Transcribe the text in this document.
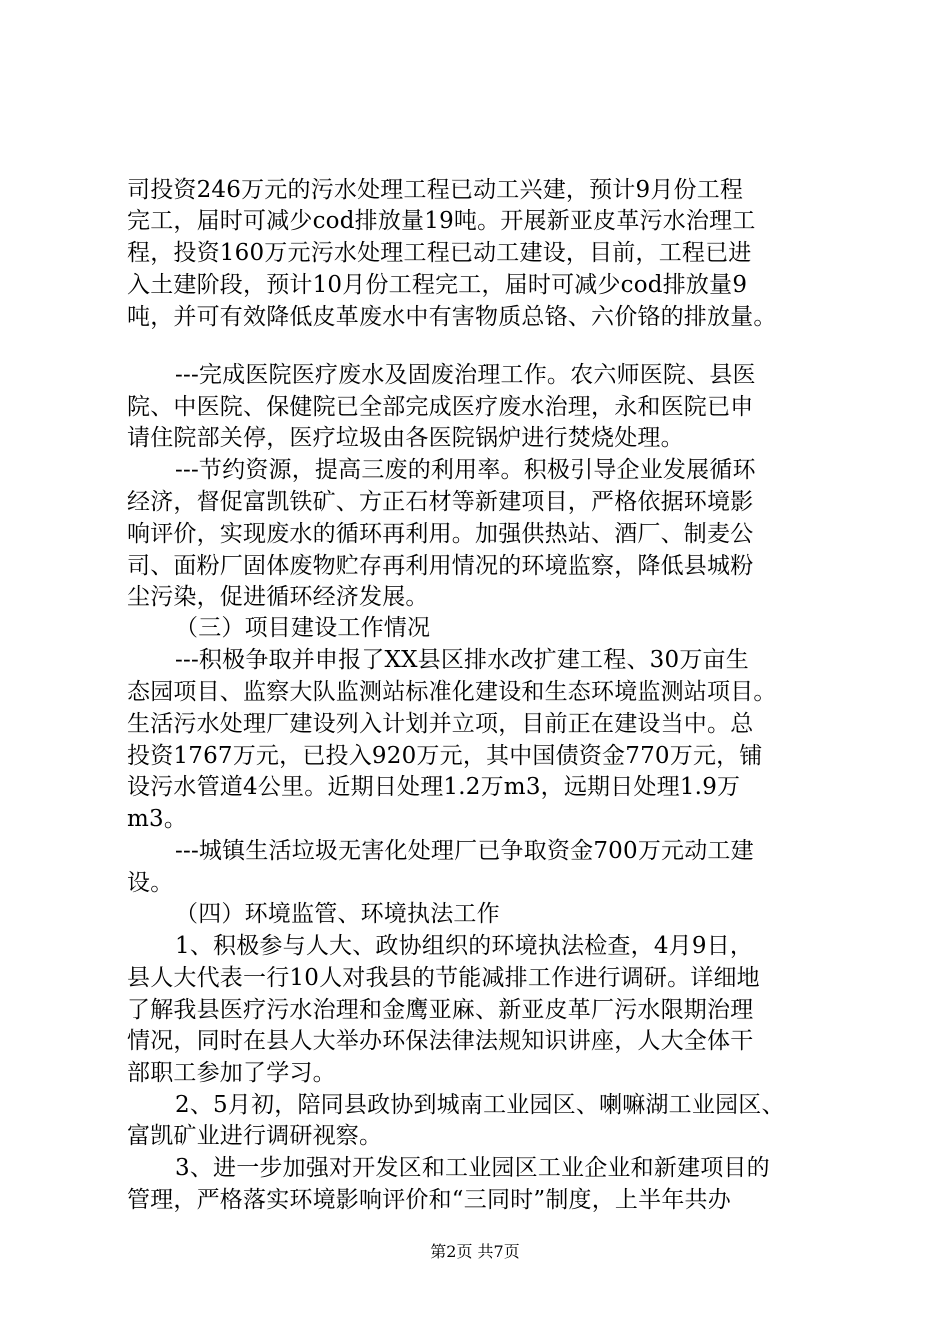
司投资246万元的污水处理工程已动工兴建，预计9月份工程
完工，届时可减少cod排放量19吨。开展新亚皮革污水治理工
程，投资160万元污水处理工程已动工建设，目前，工程已进
入土建阶段，预计10月份工程完工，届时可减少cod排放量9
吨，并可有效降低皮革废水中有害物质总铬、六价铬的排放量。
---完成医院医疗废水及固废治理工作。农六师医院、县医
院、中医院、保健院已全部完成医疗废水治理，永和医院已申
请住院部关停，医疗垃圾由各医院锅炉进行焚烧处理。
---节约资源，提高三废的利用率。积极引导企业发展循环
经济，督促富凯铁矿、方正石材等新建项目，严格依据环境影
响评价，实现废水的循环再利用。加强供热站、酒厂、制麦公
司、面粉厂固体废物贮存再利用情况的环境监察，降低县城粉
尘污染，促进循环经济发展。
（三）项目建设工作情况
---积极争取并申报了XX县区排水改扩建工程、30万亩生
态园项目、监察大队监测站标准化建设和生态环境监测站项目。
生活污水处理厂建设列入计划并立项，目前正在建设当中。总
投资1767万元，已投入920万元，其中国债资金770万元，铺
设污水管道4公里。近期日处理1.2万m3，远期日处理1.9万
m3。
---城镇生活垃圾无害化处理厂已争取资金700万元动工建
设。
（四）环境监管、环境执法工作
1、积极参与人大、政协组织的环境执法检查，4月9日，
县人大代表一行10人对我县的节能减排工作进行调研。详细地
了解我县医疗污水治理和金鹰亚麻、新亚皮革厂污水限期治理
情况，同时在县人大举办环保法律法规知识讲座，人大全体干
部职工参加了学习。
2、5月初，陪同县政协到城南工业园区、喇嘛湖工业园区、
富凯矿业进行调研视察。
3、进一步加强对开发区和工业园区工业企业和新建项目的
管理，严格落实环境影响评价和“三同时”制度，上半年共办
第2页 共7页
